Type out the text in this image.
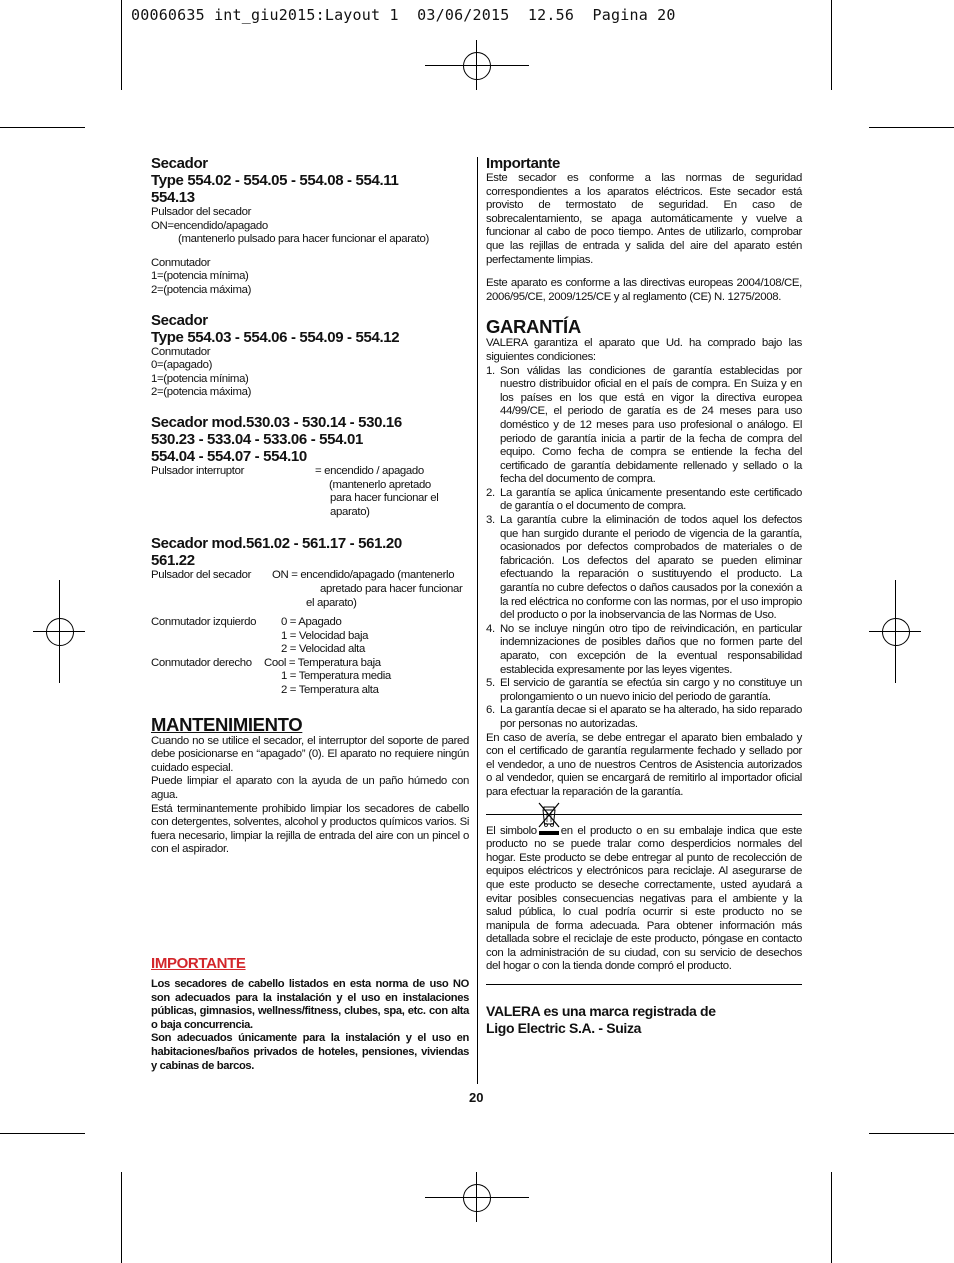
00060635 int_giu2015:Layout 1  03/06/2015  12.56  Pagina 20
Secador
Type 554.02 - 554.05 - 554.08 - 554.11
554.13
Pulsador del secador
ON=encendido/apagado
(mantenerlo pulsado para hacer funcionar el aparato)
Conmutador
1=(potencia mínima)
2=(potencia máxima)
Secador
Type 554.03 - 554.06 - 554.09 - 554.12
Conmutador
0=(apagado)
1=(potencia mínima)
2=(potencia máxima)
Secador mod.530.03 - 530.14 - 530.16
530.23 - 533.04 - 533.06 - 554.01
554.04 - 554.07 - 554.10
Pulsador interruptor	= encendido / apagado
(mantenerlo apretado
para hacer funcionar el
aparato)
Secador mod.561.02 - 561.17 - 561.20
561.22
Pulsador del secador	ON = encendido/apagado (mantenerlo
apretado para hacer funcionar
el aparato)
Conmutador izquierdo	0 = Apagado
1 = Velocidad baja
2 = Velocidad alta
Conmutador derecho	Cool = Temperatura baja
1 = Temperatura media
2 = Temperatura alta
MANTENIMIENTO
Cuando no se utilice el secador, el interruptor del soporte de pared debe posicionarse en “apagado” (0). El aparato no requiere ningún cuidado especial.
Puede limpiar el aparato con la ayuda de un paño húmedo con agua.
Está terminantemente prohibido limpiar los secadores de cabello con detergentes, solventes, alcohol y productos químicos varios. Si fuera necesario, limpiar la rejilla de entrada del aire con un pincel o con el aspirador.
IMPORTANTE
Los secadores de cabello listados en esta norma de uso NO son adecuados para la instalación y el uso en instalaciones públicas, gimnasios, wellness/fitness, clubes, spa, etc. con alta o baja concurrencia.
Son adecuados únicamente para la instalación y el uso en habitaciones/baños privados de hoteles, pensiones, viviendas y cabinas de barcos.
Importante
Este secador es conforme a las normas de seguridad correspondientes a los aparatos eléctricos. Este secador está provisto de termostato de seguridad. En caso de sobrecalentamiento, se apaga automáticamente y vuelve a funcionar al cabo de poco tiempo. Antes de utilizarlo, comprobar que las rejillas de entrada y salida del aire del aparato estén perfectamente limpias.
Este aparato es conforme a las directivas europeas 2004/108/CE, 2006/95/CE, 2009/125/CE y al reglamento (CE) N. 1275/2008.
GARANTÍA
VALERA garantiza el aparato que Ud. ha comprado bajo las siguientes condiciones:
1. Son válidas las condiciones de garantía establecidas por nuestro distribuidor oficial en el país de compra. En Suiza y en los países en los que está en vigor la directiva europea 44/99/CE, el periodo de garatía es de 24 meses para uso doméstico y de 12 meses para uso profesional o análogo. El periodo de garantía inicia a partir de la fecha de compra del equipo. Como fecha de compra se entiende la fecha del certificado de garantía debidamente rellenado y sellado o la fecha del documento de compra.
2. La garantía se aplica únicamente presentando este certificado de garantía o el documento de compra.
3. La garantía cubre la eliminación de todos aquel los defectos que han surgido durante el periodo de vigencia de la garantía, ocasionados por defectos comprobados de materiales o de fabricación. Los defectos del aparato se pueden eliminar efectuando la reparación o sustituyendo el producto. La garantía no cubre defectos o daños causados por la conexión a la red eléctrica no conforme con las normas, por el uso impropio del producto o por la inobservancia de las Normas de Uso.
4. No se incluye ningún otro tipo de reivindicación, en particular indemnizaciones de posibles daños que no formen parte del aparato, con excepción de la eventual responsabilidad establecida expresamente por las leyes vigentes.
5. El servicio de garantía se efectúa sin cargo y no constituye un prolongamiento o un nuevo inicio del periodo de garantía.
6. La garantía decae si el aparato se ha alterado, ha sido reparado por personas no autorizadas.
En caso de avería, se debe entregar el aparato bien embalado y con el certificado de garantía regularmente fechado y sellado por el vendedor, a uno de nuestros Centros de Asistencia autorizados o al vendedor, quien se encargará de remitirlo al importador oficial para efectuar la reparación de la garantía.
El simbolo en el producto o en su embalaje indica que este producto no se puede tralar como desperdicios normales del hogar. Este producto se debe entregar al punto de recolección de equipos eléctricos y electrónicos para reciclaje. Al asegurarse de que este producto se deseche correctamente, usted ayudará a evitar posibles consecuencias negativas para el ambiente y la salud pública, lo cual podría ocurrir si este producto no se manipula de forma adecuada. Para obtener información más detallada sobre el reciclaje de este producto, póngase en contacto con la administración de su ciudad, con su servicio de desechos del hogar o con la tienda donde compró el producto.
VALERA es una marca registrada de
Ligo Electric S.A. - Suiza
20
